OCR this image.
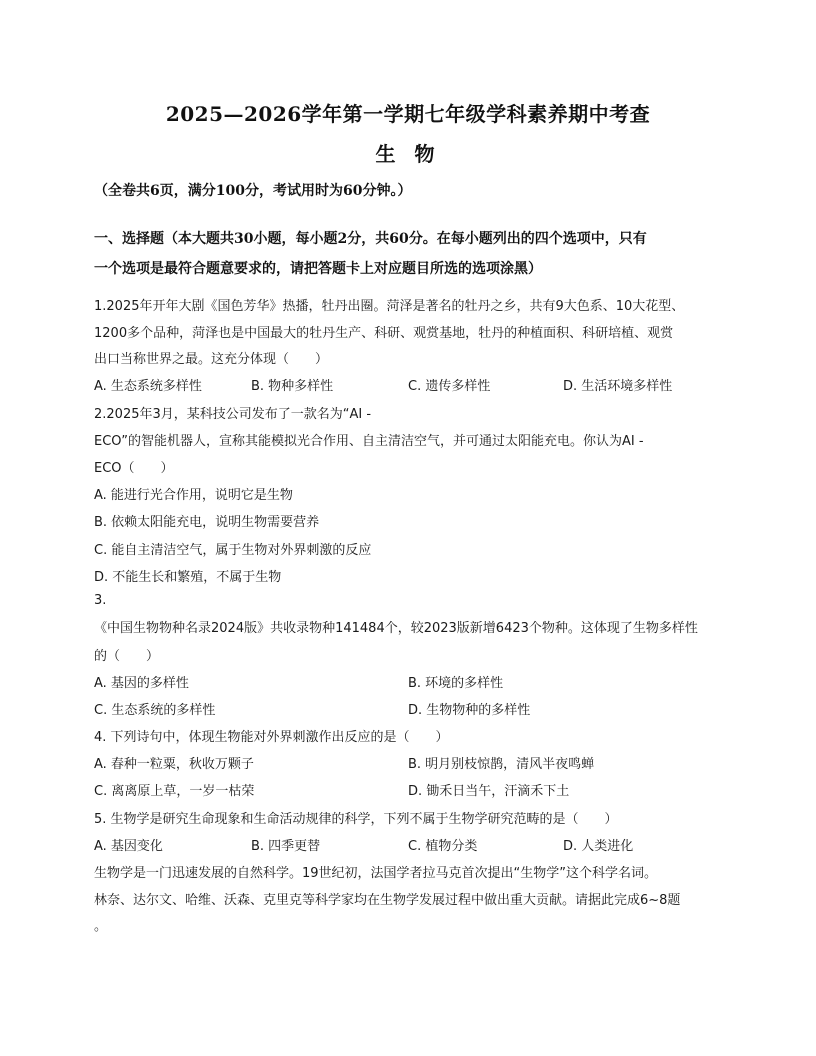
2025—2026学年第一学期七年级学科素养期中考查
生 物
（全卷共6页，满分100分，考试用时为60分钟。）
一、选择题（本大题共30小题，每小题2分，共60分。在每小题列出的四个选项中，只有
一个选项是最符合题意要求的，请把答题卡上对应题目所选的选项涂黑）
1.2025年开年大剧《国色芳华》热播，牡丹出圈。菏泽是著名的牡丹之乡，共有9大色系、10大花型、
1200多个品种，菏泽也是中国最大的牡丹生产、科研、观赏基地，牡丹的种植面积、科研培植、观赏
出口当称世界之最。这充分体现（　　）
A. 生态系统多样性	B. 物种多样性	C. 遗传多样性	D. 生活环境多样性
2.2025年3月，某科技公司发布了一款名为“AI -
ECO”的智能机器人，宣称其能模拟光合作用、自主清洁空气，并可通过太阳能充电。你认为AI -
ECO（　　）
A. 能进行光合作用，说明它是生物
B. 依赖太阳能充电，说明生物需要营养
C. 能自主清洁空气，属于生物对外界刺激的反应
D. 不能生长和繁殖，不属于生物
3.
《中国生物物种名录2024版》共收录物种141484个，较2023版新增6423个物种。这体现了生物多样性
的（　　）
A. 基因的多样性	B. 环境的多样性
C. 生态系统的多样性	D. 生物物种的多样性
4. 下列诗句中，体现生物能对外界刺激作出反应的是（　　）
A. 春种一粒粟，秋收万颗子	B. 明月别枝惊鹊，清风半夜鸣蝉
C. 离离原上草，一岁一枯荣	D. 锄禾日当午，汗滴禾下土
5. 生物学是研究生命现象和生命活动规律的科学，下列不属于生物学研究范畴的是（　　）
A. 基因变化	B. 四季更替	C. 植物分类	D. 人类进化
生物学是一门迅速发展的自然科学。19世纪初，法国学者拉马克首次提出“生物学”这个科学名词。
林奈、达尔文、哈维、沃森、克里克等科学家均在生物学发展过程中做出重大贡献。请据此完成6~8题
。
